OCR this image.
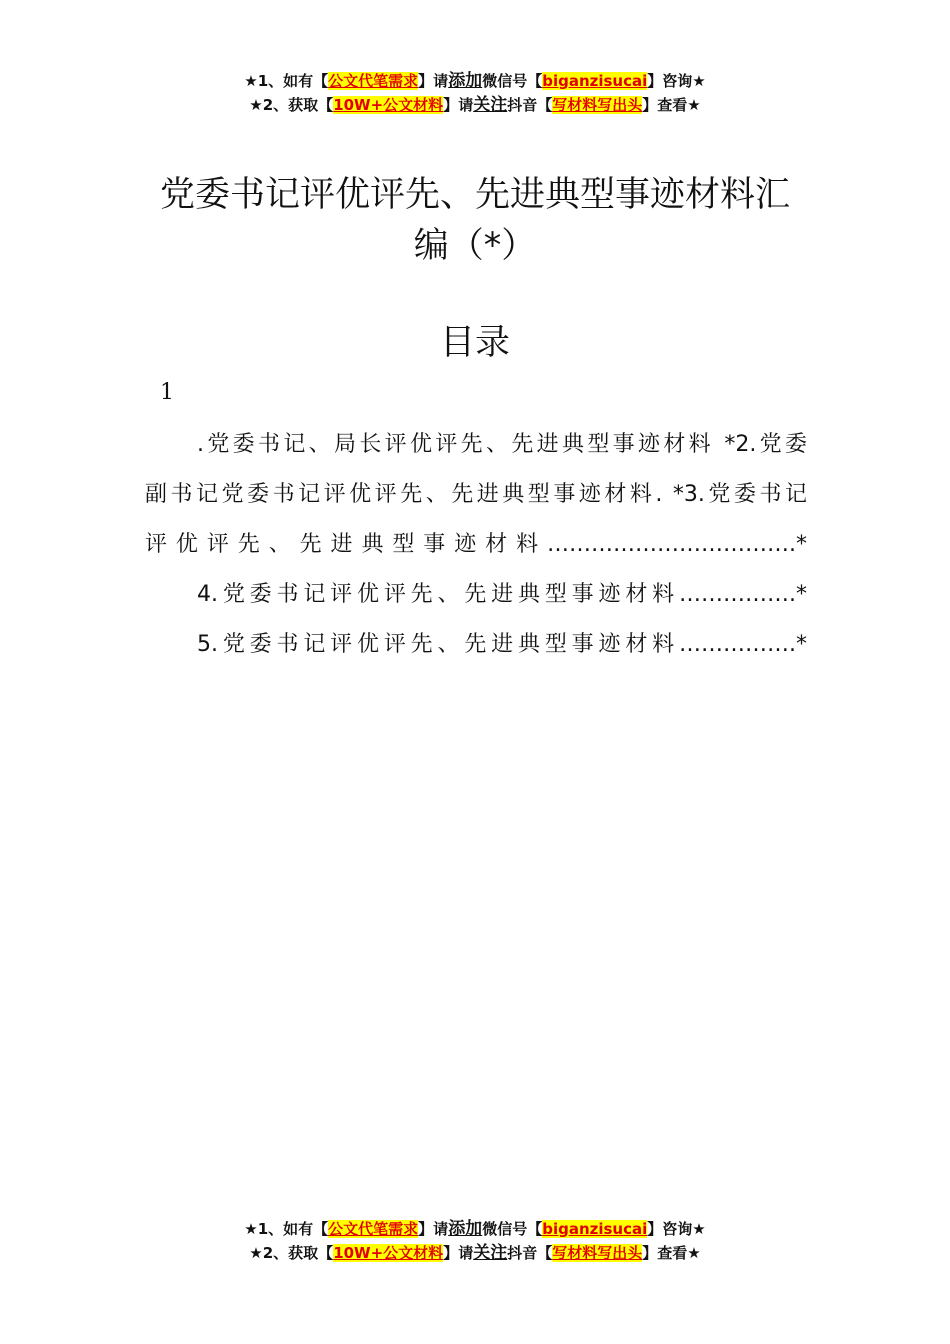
★1、如有【公文代笔需求】请添加微信号【biganzisucai】咨询★
★2、获取【10W+公文材料】请关注抖音【写材料写出头】查看★
党委书记评优评先、先进典型事迹材料汇
编（*）
目录
1

.党委书记、局长评优评先、先进典型事迹材料 *2.党委

副书记党委书记评优评先、先进典型事迹材料. *3.党委书记

评优评先、先进典型事迹材料…………………………….*

4.党委书记评优评先、先进典型事迹材料…………….*

5.党委书记评优评先、先进典型事迹材料…………….*

★1、如有【公文代笔需求】请添加微信号【biganzisucai】咨询★
★2、获取【10W+公文材料】请关注抖音【写材料写出头】查看★
